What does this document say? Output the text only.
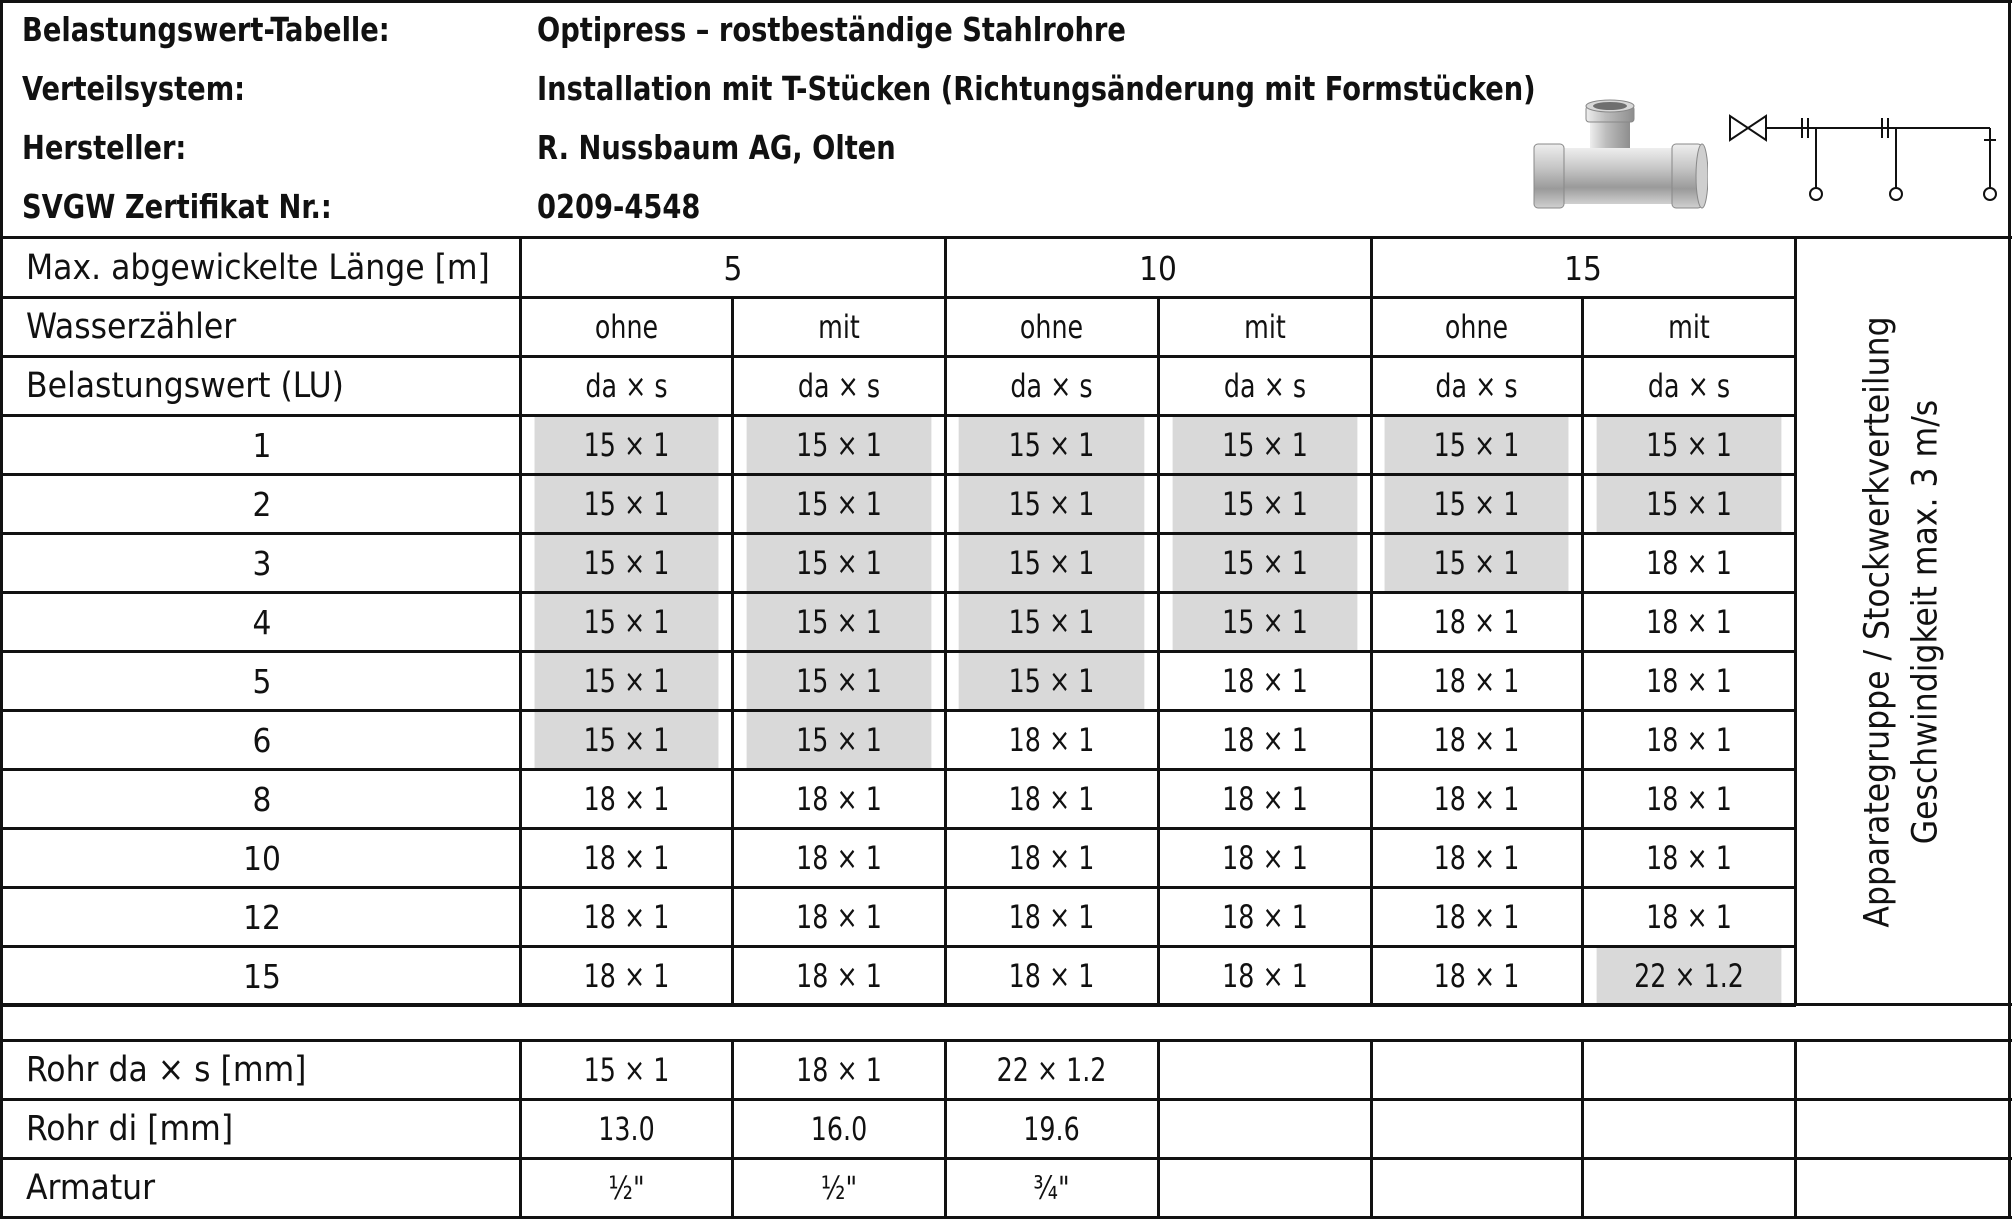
Belastungswert-Tabelle:	Optipress – rostbeständige Stahlrohre
Verteilsystem:	Installation mit T-Stücken (Richtungsänderung mit Formstücken)
Hersteller:	R. Nussbaum AG, Olten
SVGW Zertifikat Nr.:	0209-4548
Max. abgewickelte Länge [m]	5	10	15
Wasserzähler	ohne	mit	ohne	mit	ohne	mit
Belastungswert (LU)	da × s	da × s	da × s	da × s	da × s	da × s
1	15 × 1	15 × 1	15 × 1	15 × 1	15 × 1	15 × 1
2	15 × 1	15 × 1	15 × 1	15 × 1	15 × 1	15 × 1
3	15 × 1	15 × 1	15 × 1	15 × 1	15 × 1	18 × 1
4	15 × 1	15 × 1	15 × 1	15 × 1	18 × 1	18 × 1
5	15 × 1	15 × 1	15 × 1	18 × 1	18 × 1	18 × 1
6	15 × 1	15 × 1	18 × 1	18 × 1	18 × 1	18 × 1
8	18 × 1	18 × 1	18 × 1	18 × 1	18 × 1	18 × 1
10	18 × 1	18 × 1	18 × 1	18 × 1	18 × 1	18 × 1
12	18 × 1	18 × 1	18 × 1	18 × 1	18 × 1	18 × 1
15	18 × 1	18 × 1	18 × 1	18 × 1	18 × 1	22 × 1.2
Apparategruppe / Stockwerkverteilung Geschwindigkeit max. 3 m/s
Rohr da × s [mm]	15 × 1	18 × 1	22 × 1.2
Rohr di [mm]	13.0	16.0	19.6
Armatur	½"	½"	¾"
